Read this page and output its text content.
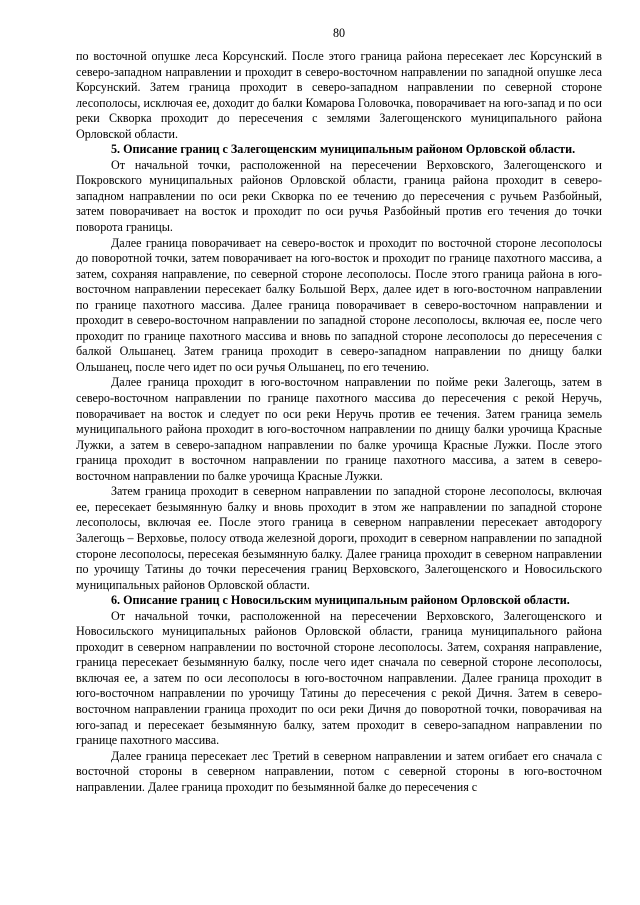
80

по восточной опушке леса Корсунский. После этого граница района пересекает лес Корсунский в северо-западном направлении и проходит в северо-восточном направлении по западной опушке леса Корсунский. Затем граница проходит в северо-западном направлении по северной стороне лесополосы, исключая ее, доходит до балки Комарова Головочка, поворачивает на юго-запад и по оси реки Скворка проходит до пересечения с землями Залегощенского муниципального района Орловской области.

5. Описание границ с Залегощенским муниципальным районом Орловской области.

От начальной точки, расположенной на пересечении Верховского, Залегощенского и Покровского муниципальных районов Орловской области, граница района проходит в северо-западном направлении по оси реки Скворка по ее течению до пересечения с ручьем Разбойный, затем поворачивает на восток и проходит по оси ручья Разбойный против его течения до точки поворота границы.

Далее граница поворачивает на северо-восток и проходит по восточной стороне лесополосы до поворотной точки, затем поворачивает на юго-восток и проходит по границе пахотного массива, а затем, сохраняя направление, по северной стороне лесополосы. После этого граница района в юго-восточном направлении пересекает балку Большой Верх, далее идет в юго-восточном направлении по границе пахотного массива. Далее граница поворачивает в северо-восточном направлении и проходит в северо-восточном направлении по западной стороне лесополосы, включая ее, после чего проходит по границе пахотного массива и вновь по западной стороне лесополосы до пересечения с балкой Ольшанец. Затем граница проходит в северо-западном направлении по днищу балки Ольшанец, после чего идет по оси ручья Ольшанец, по его течению.

Далее граница проходит в юго-восточном направлении по пойме реки Залегощь, затем в северо-восточном направлении по границе пахотного массива до пересечения с рекой Неручь, поворачивает на восток и следует по оси реки Неручь против ее течения. Затем граница земель муниципального района проходит в юго-восточном направлении по днищу балки урочища Красные Лужки, а затем в северо-западном направлении по балке урочища Красные Лужки. После этого граница проходит в восточном направлении по границе пахотного массива, а затем в северо-восточном направлении по балке урочища Красные Лужки.

Затем граница проходит в северном направлении по западной стороне лесополосы, включая ее, пересекает безымянную балку и вновь проходит в этом же направлении по западной стороне лесополосы, включая ее. После этого граница в северном направлении пересекает автодорогу Залегощь – Верховье, полосу отвода железной дороги, проходит в северном направлении по западной стороне лесополосы, пересекая безымянную балку. Далее граница проходит в северном направлении по урочищу Татины до точки пересечения границ Верховского, Залегощенского и Новосильского муниципальных районов Орловской области.

6. Описание границ с Новосильским муниципальным районом Орловской области.

От начальной точки, расположенной на пересечении Верховского, Залегощенского и Новосильского муниципальных районов Орловской области, граница муниципального района проходит в северном направлении по восточной стороне лесополосы. Затем, сохраняя направление, граница пересекает безымянную балку, после чего идет сначала по северной стороне лесополосы, включая ее, а затем по оси лесополосы в юго-восточном направлении. Далее граница проходит в юго-восточном направлении по урочищу Татины до пересечения с рекой Дичня. Затем в северо-восточном направлении граница проходит по оси реки Дичня до поворотной точки, поворачивая на юго-запад и пересекает безымянную балку, затем проходит в северо-западном направлении по границе пахотного массива.

Далее граница пересекает лес Третий в северном направлении и затем огибает его сначала с восточной стороны в северном направлении, потом с северной стороны в юго-восточном направлении. Далее граница проходит по безымянной балке до пересечения с
